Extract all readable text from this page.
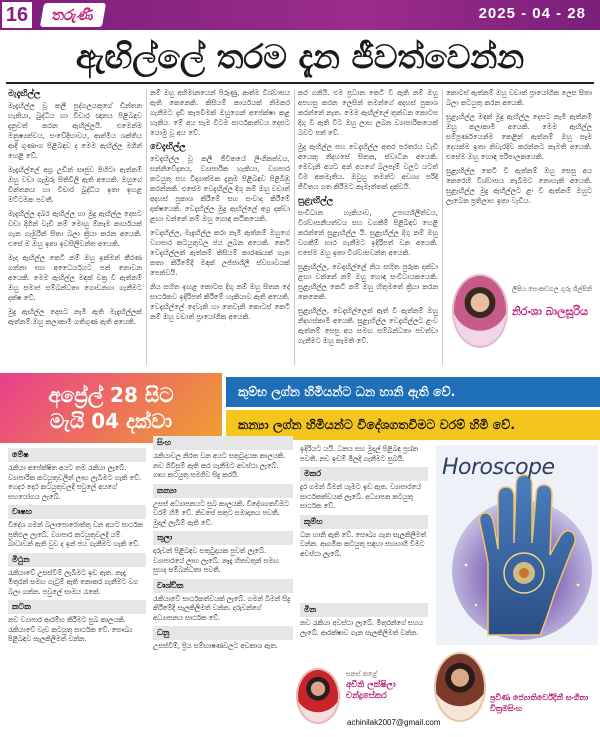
16	තරුණී	2025 - 04 - 28
ඇඟිල්ලේ තරම දැන ජීවත්වෙන්න
මැදැඟිල්ල

මැදැඟිල්ල වූ කලී පුද්ගලයකුගේ චින්තන හැකියා, බුද්ධිය හා විචාර ඥානය පිළිබඳව දැනුවත් කරන ඇඟිල්ලයි. එමෙන්ම මනුෂ්‍යත්වය, සංවේදීභාවය, ආත්මීය ශක්තිය ආදී ගුණාංග පිළිබඳව ද මෙම ඇඟිල්ල මගින් හෙළි වේ.

මැදැඟිල්ලේ අග්‍ර උඩින් සෘජුව පිහිටා ඇත්නම් ඔහු වඩා ගැඹුරු සිතිවිලි ඇති අයෙකි. ඔහුගේ චින්තනය හා විචාර බුද්ධිය ඉතා ඉහළ මට්ටමක පවතී.

මැදැඟිල්ල දබර ඇඟිල්ල හා මුදු ඇඟිල්ල දෙසට වඩා දිගින් වැඩි නම් මොහු ඕනෑම කාර්යයක් ගැන ගැඹුරින් සිතා බලා ක්‍රියා කරන අයෙකි. එසේ ම ඔහු ඉතා ඉවසිලිවන්ත අයෙකි.

මැද ඇඟිල්ල කෙටි නම් ඔහු ඉක්මන් තීරණ ගන්නා සහ අධෛර්යයට පත් නොවන අයෙකි. මෙම ඇඟිල්ල මඳක් වක්‍ර වී ඇත්නම් ඔහු සමාජ සම්බන්ධතා ගොඩනගා ගැනීමට දක්ෂ වේ.

මුදු ඇඟිල්ල දෙසට නැමී ඇති මැදැඟිල්ලක් ඇත්නම් ඔහු කලාකාමී ගතිගුණ ඇති අයෙකි.

නම් ඔහු අභිමානයෙන් පිරුණු, ආත්ම විශ්වාසය ඇති කෙනෙකි. කිසියම් කාර්යයක් නිමකර ගැනීමට දැඩි කැපවීමක් ඔහුගෙන් අපේක්ෂා කළ හැකිය. මේ අය සැම විටම සාර්ථකත්වය දෙසට යොමු වූ අය වේ.

වෙදැඟිල්ල

වෙදැඟිල්ල වූ කලී ජීවිතයේ ලිංගිකත්වය, සන්නිවේදනය, ව්‍යාපාරික හැකියා, ව්‍යාපාර කටයුතු සහ විද්‍යාත්මක දැනුම පිළිබඳව පිළිබිඹු කරන්නකි. එසේම වෙදැඟිල්ල දිගු නම් ඔහු වඩාත් අදහස් පුකාශ කිරීමේ සහ සංවාද කිරීමේ දක්ෂයෙකි. වෙදැඟිල්ල මුදු ඇඟිල්ලේ අග්‍ර දක්වා ළඟා වන්නේ නම් ඔහු හොඳ කථිකයෙකි.

වෙදැඟිල්ල, මැදැඟිල්ල කරා නැමී ඇත්නම් ඔහුගේ ව්‍යාපාර කටයුතුවල ජය ලබන අයෙකි. කෙටි වෙදැඟිල්ලක් ඇත්නම් කිසියම් කාරණයක් ගැන කතා කිරීමේදී මඳක් ලජ්ජාශීලී ස්වභාවයක් පෙන්වයි.

නිය සහිත ඉහළ කොටස දිගු නම් ඔහු සිතන දේ සාර්ථකව ඉදිරිපත් කිරීමේ හැකියාව ඇති අයෙකි. වෙදැඟිල්ලේ දෙවැනි හා තෙවැනි කොටස් කෙටි නම් ඔහු වඩාත් ප්‍රායෝගික අයෙකි.

කර ගනියි. එම ප්‍රධාන කෙටි වී ඇති නම් ඔහු අපහසු කරන ලෙසින් තමන්ගේ අදහස් පුකාශ කරන්නේ නැත. මෙම ඇඟිල්ලේ තුන්වන කොටස දිගු වී ඇති විට ඔහු ලාභ ලබන ව්‍යාපාරිකයෙක් බවට පත් වේ.

මුදු ඇඟිල්ල සහ වෙදැඟිල්ල අතර පරතරය වැඩි අයෙකු නිදහසේ සිතන, ස්වාධීන අයෙකි. මෙවැනි අයට අන් අයගේ බලපෑම් වලට යටත් වීම අකමැතිය. ඔවුහු තමන්ට අවශ්‍ය පරිදි ජීවිතය ගත කිරීමට කැමැත්තක් දක්වයි.

සුළැඟිල්ල

සංවිධාන හැකියාව, උපායශීලීත්වය, විශ්වාසනීයත්වය සහ වගකීම් පිළිබඳව හෙළි කරන්නේ සුළැඟිල්ල යි. සුළැඟිල්ල දිගු නම් ඔහු වගකීම් භාර ගැනීමට ඉදිරිපත් වන අයෙකි. එසේම ඔහු ඉතා විශ්වාසවන්ත අයෙකි.

සුළැඟිල්ල, වෙදැඟිල්ලේ නිය සහිත පුරුක දක්වා ළඟා වන්නේ නම් ඔහු හොඳ සංවිධායකයෙකි. සුළැඟිල්ල කෙටි නම් ඔහු හිතුමතේ ක්‍රියා කරන කෙනෙකි.

සුළැඟිල්ල, වෙදැඟිල්ලෙන් ඈත් වී ඇත්නම් ඔහු නිදහස්කාමී අයෙකි. සුළැඟිල්ල වෙදැඟිල්ලට ළංව ඇත්නම් සෙසු අය සමඟ සම්බන්ධතා පවත්වා ගැනීමට ඔහු කැමති වේ.

කොටස් ඇත්නම් ඔහු වඩාත් ප්‍රායෝගික ලෙස සිතා බලා කටයුතු කරන අයෙකි.

සුළැඟිල්ල මඳක් මුදු ඇඟිල්ල දෙසට නැමී ඇත්නම් ඔහු කලාකාමී අයෙකි. මෙම ඇඟිල්ල සම්පූර්ණයෙන්ම කෙළින් ඇත්නම් ඔහු සෑම දෙයක්ම ඉතා නිවැරදිව කරන්නට කැමති අයෙකි. එසේම ඔහු හොඳ පරිපාලකයෙකි.

සුළැඟිල්ල කෙටි වී ඇත්නම් ඔහු සෙසු අය කෙරෙහි විශ්වාසය තැබීමට නොහැකි අයෙකි. සුළැඟිල්ල මුදු ඇඟිල්ලට ළං වී ඇත්නම් ඔහුට ලැබෙන ප්‍රතිලාභ ඉතා වැඩිය.

ලිපිය සෙංකඩගල ගුරු ශිල්පිනි
නිරංශා බාලසූරිය
අප්‍රේල් 28 සිට
මැයි 04 දක්වා
කුම්භ ලග්න හිමියන්ට ධන හානි ඇති වේ.
කන්‍යා ලග්න හිමියන්ට විදේශගතවීමට වරම් හිමි වේ.
මේෂ

රැකියා අපේක්ෂිත අයට තම රැකියා ලැබේ. ව්‍යාපාරික කටයුතුවලින් ලාභ ලැබීමට හැකි වේ. ගෙදර දොර කටයුතුවලදී පවුලේ අයගේ සහයෝගය ලැබේ.

වෘෂභ

විදේශ ගමන් බලාපොරොත්තු වන අයට සාර්ථක ප්‍රතිඵල ලැබේ. ව්‍යාපාර කටයුතුවලදී යම් බාධාවන් ඇති වුව ද ඉන් ජය ගැනීමට හැකි වේ.

මිථුන

රැකියාවේ උසස්වීම් ලැබීමට ඉඩ ඇත. නෑදෑ මිතුරන් සමඟ ගැටුම් ඇති නොකර ගැනීමට වග බලා ගන්න. පවුලේ සාමය රැකේ.

කටක

නව ව්‍යාපාර ආරම්භ කිරීමට සුබ කාලයකි. රැකියාවේ වැඩ කටයුතු සාර්ථක වේ. සෞඛ්‍ය පිළිබඳව සැලකිලිමත් වන්න.

සිංහ

රැකියාවල නිරත වන අයට සතුටුදායක කාලයකි. නව ගිවිසුම් ඇති කර ගැනීමට අවස්ථා ලැබේ. ගෘහ කටයුතු සමගිව සිදු කරයි.

කන්‍යා

උසස් අධ්‍යාපනයට සුබ කාලයකි. විදේශගතවීමට වරම් හිමි වේ. නිවසේ සතුට සමාදානය පවතී. මුදල් ලැබීම් ඇති වේ.

තුලා

දරුවන් පිළිබඳව සතුටුදායක පුවත් ලැබේ. ව්‍යාපාරයේ ලාභ ලැබේ. නෑදෑ හිතවතුන් සමඟ සුහද සම්බන්ධතා පවතී.

වෘශ්චික

රැකියාවේ සාර්ථකත්වයක් ලැබේ. ගමන් බිමන් සිදු කිරීමේදී සැලකිලිමත් වන්න. දරුවන්ගේ අධ්‍යාපනය සාර්ථක වේ.

ධනු

උසස්වීම්, ප්‍රිය සම්භාෂණවලට අවකාශ ඇත.

ඉදිරියට යයි. ධනය සහ මුදල් පිළිබඳ ප්‍රශ්න පවතී. නව ඉඩම් මිලදී ගැනීමට සුබයි.

මකර

දුර ගමන් බිමන් යෑමට ඉඩ ඇත. ව්‍යාපාරයේ සාර්ථකත්වයක් ලැබේ. අධ්‍යාපන කටයුතු සාර්ථක වේ.

කුම්භ

ධන හානි ඇති වේ. සෞඛ්‍ය ගැන සැලකිලිමත් වන්න. ආගමික කටයුතු සඳහා සහභාගී වීමට අවස්ථා ලැබේ.

මීන

නව රැකියා අවස්ථා ලැබේ. මිතුරන්ගේ සහය ලැබේ. ආරක්ෂාව ගැන සැලකිලිමත් වන්න.

Horoscope
සකස් කළේ
අචිනි ලක්ෂිලා චන්ද්‍රසේකර
achinilak2007@gmail.com
ප්‍රවීණ ජ්‍යොතිර්වේදිනී සංගීතා වික්‍රමසිංහ
